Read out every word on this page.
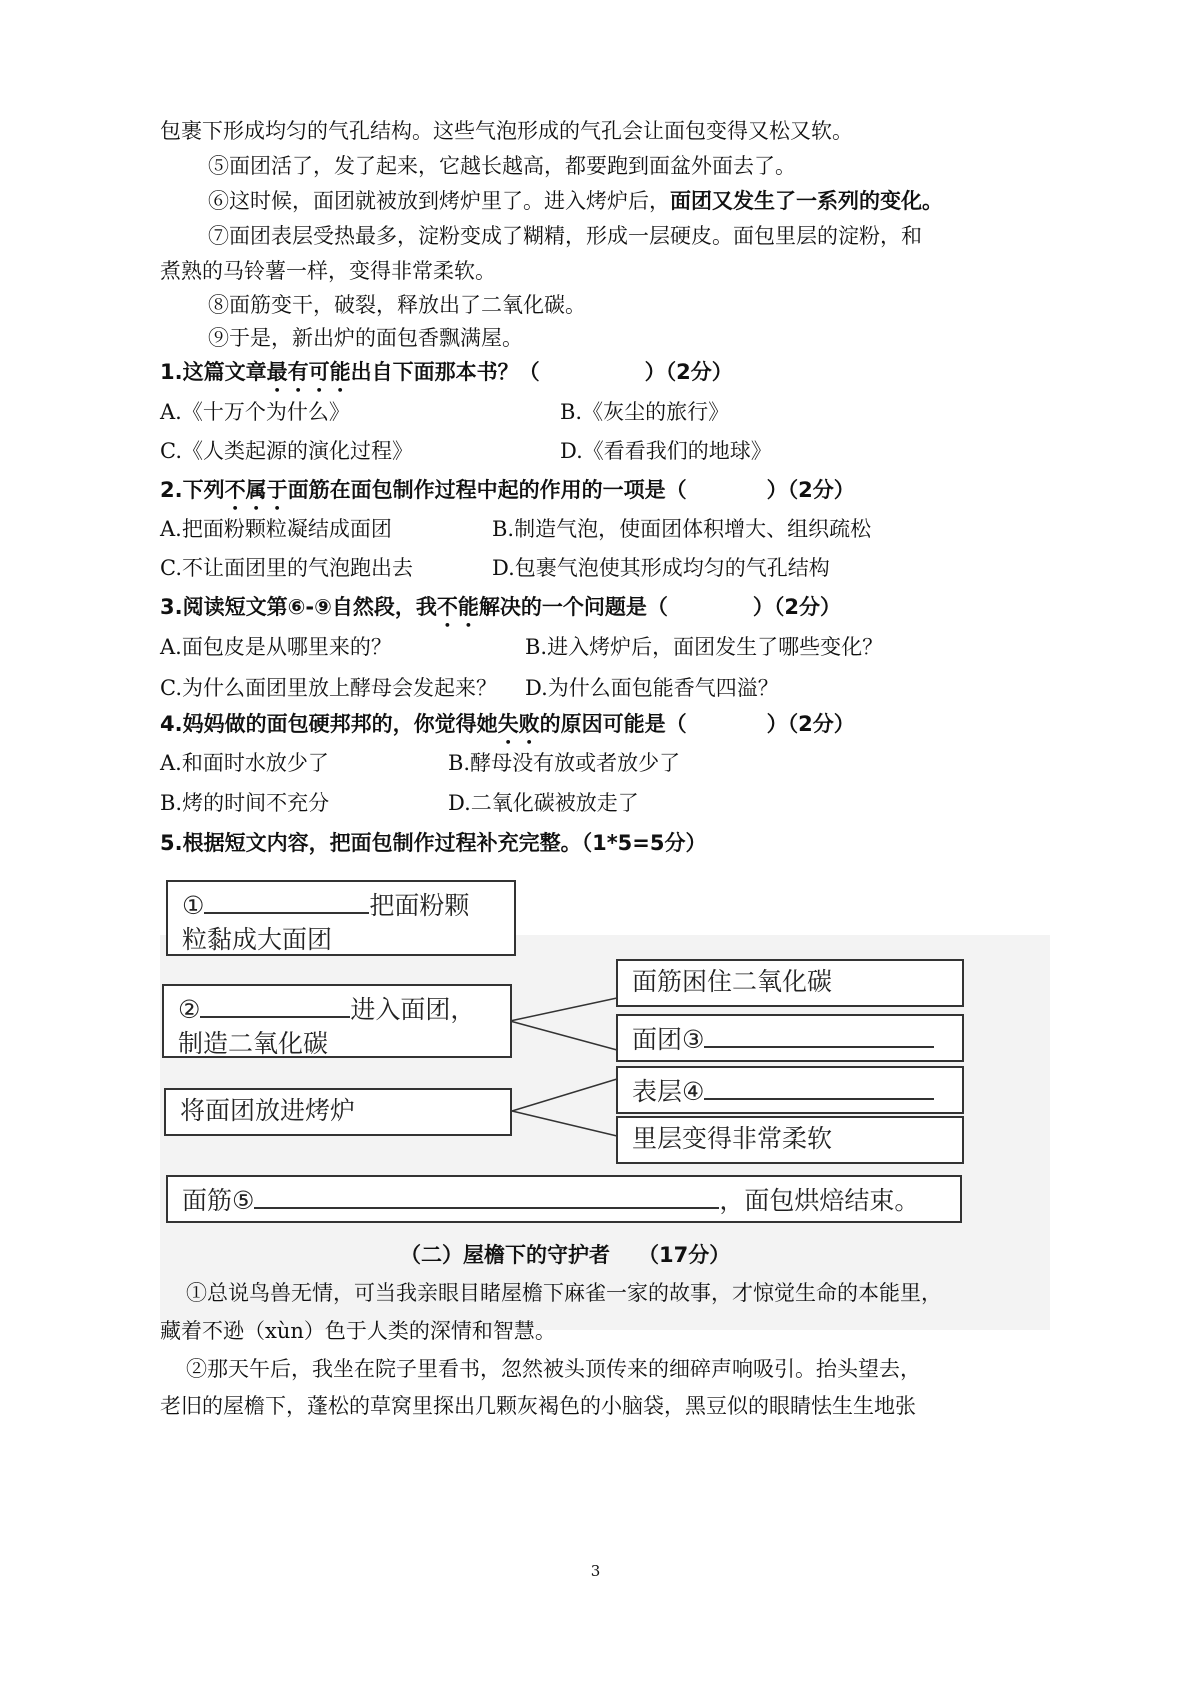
包裹下形成均匀的气孔结构。这些气泡形成的气孔会让面包变得又松又软。
⑤面团活了，发了起来，它越长越高，都要跑到面盆外面去了。
⑥这时候，面团就被放到烤炉里了。进入烤炉后，面团又发生了一系列的变化。
⑦面团表层受热最多，淀粉变成了糊精，形成一层硬皮。面包里层的淀粉，和
煮熟的马铃薯一样，变得非常柔软。
⑧面筋变干，破裂，释放出了二氧化碳。
⑨于是，新出炉的面包香飘满屋。
1.这篇文章最有可能出自下面那本书？（	）（2分）
A.《十万个为什么》	B.《灰尘的旅行》
C.《人类起源的演化过程》	D.《看看我们的地球》
2.下列不属于面筋在面包制作过程中起的作用的一项是（	）（2分）
A.把面粉颗粒凝结成面团	B.制造气泡，使面团体积增大、组织疏松
C.不让面团里的气泡跑出去	D.包裹气泡使其形成均匀的气孔结构
3.阅读短文第⑥-⑨自然段，我不能解决的一个问题是（	）（2分）
A.面包皮是从哪里来的？	B.进入烤炉后，面团发生了哪些变化？
C.为什么面团里放上酵母会发起来？ D.为什么面包能香气四溢？
4.妈妈做的面包硬邦邦的，你觉得她失败的原因可能是（	）（2分）
A.和面时水放少了	B.酵母没有放或者放少了
B.烤的时间不充分	D.二氧化碳被放走了
5.根据短文内容，把面包制作过程补充完整。（1*5=5分）
①	把面粉颗
粒黏成大面团
②	进入面团，
制造二氧化碳
面筋困住二氧化碳
面团③
将面团放进烤炉
表层④
里层变得非常柔软
面筋⑤	，面包烘焙结束。
（二）屋檐下的守护者 （17分）
①总说鸟兽无情，可当我亲眼目睹屋檐下麻雀一家的故事，才惊觉生命的本能里，
藏着不逊（xùn）色于人类的深情和智慧。
②那天午后，我坐在院子里看书，忽然被头顶传来的细碎声响吸引。抬头望去，
老旧的屋檐下，蓬松的草窝里探出几颗灰褐色的小脑袋，黑豆似的眼睛怯生生地张
3
